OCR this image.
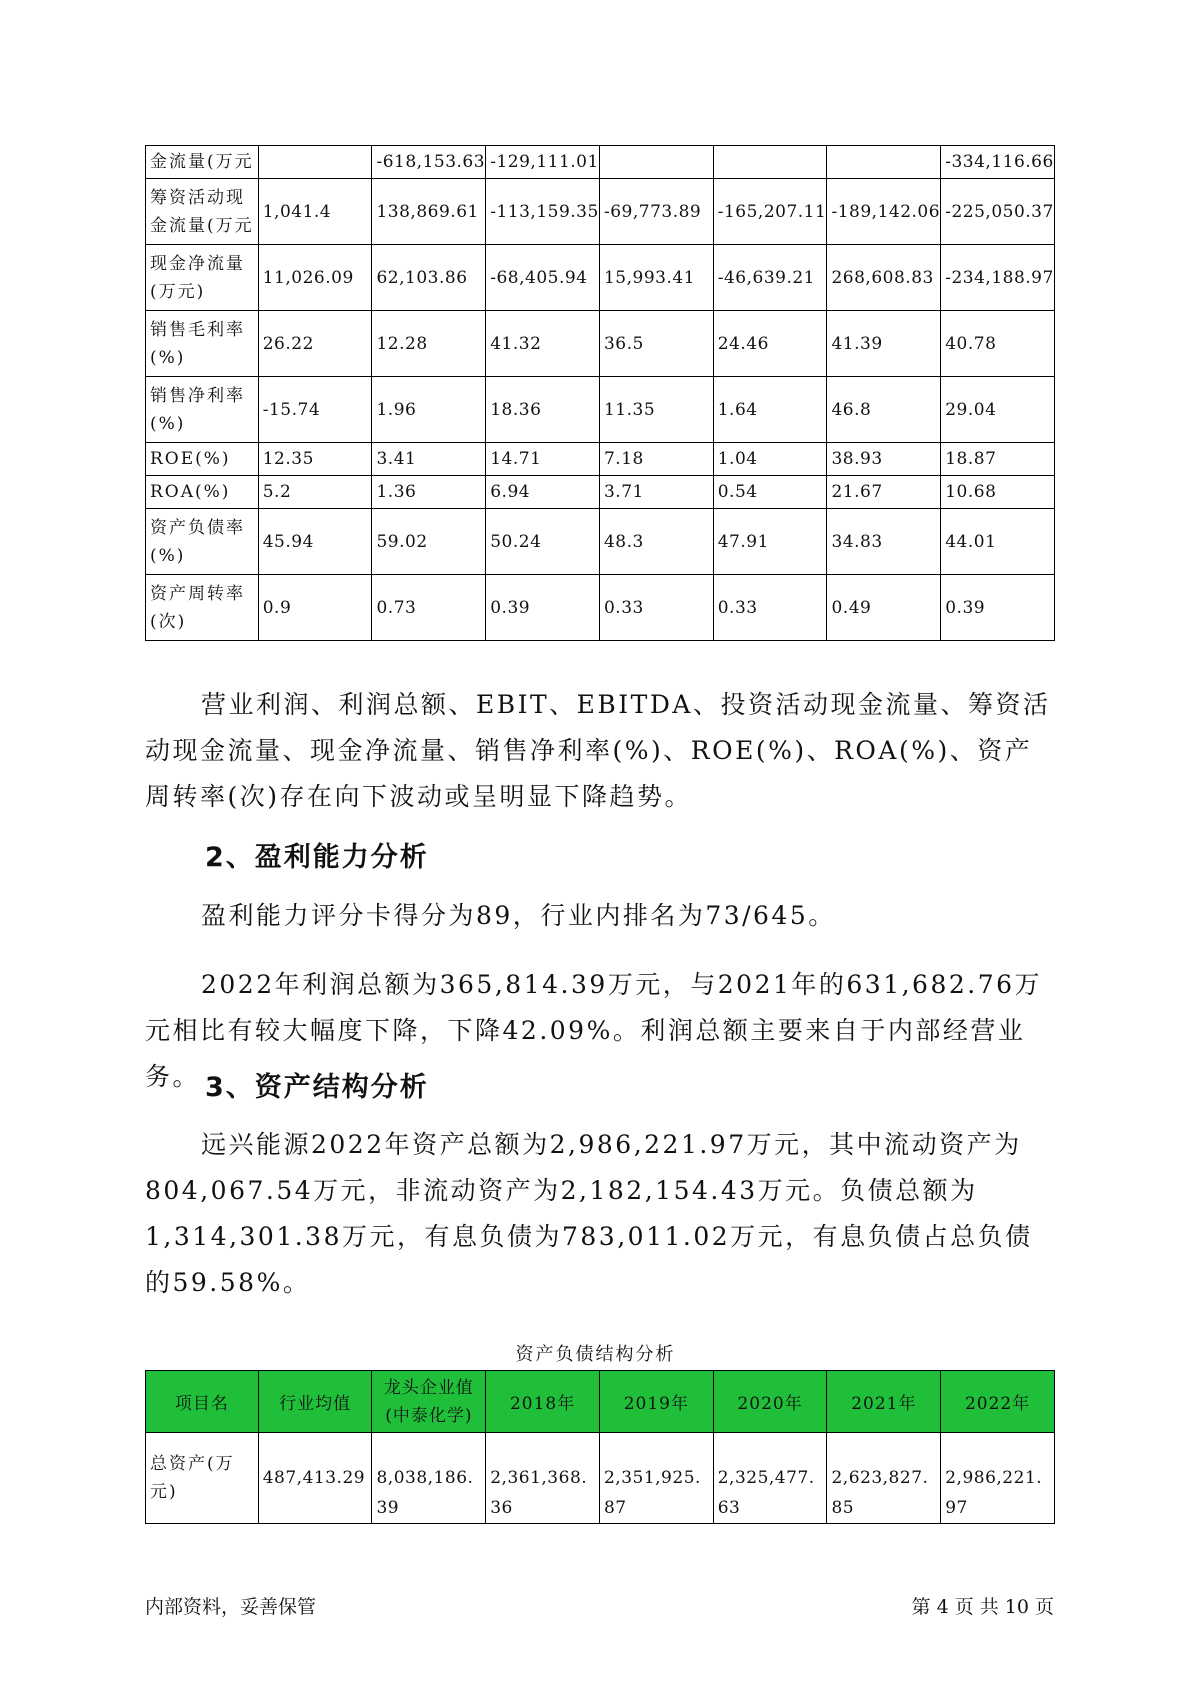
金流量(万元		-618,153.63	-129,111.01				-334,116.66
筹资活动现金流量(万元	1,041.4	138,869.61	-113,159.35	-69,773.89	-165,207.11	-189,142.06	-225,050.37
现金净流量(万元)	11,026.09	62,103.86	-68,405.94	15,993.41	-46,639.21	268,608.83	-234,188.97
销售毛利率(%)	26.22	12.28	41.32	36.5	24.46	41.39	40.78
销售净利率(%)	-15.74	1.96	18.36	11.35	1.64	46.8	29.04
ROE(%)	12.35	3.41	14.71	7.18	1.04	38.93	18.87
ROA(%)	5.2	1.36	6.94	3.71	0.54	21.67	10.68
资产负债率(%)	45.94	59.02	50.24	48.3	47.91	34.83	44.01
资产周转率(次)	0.9	0.73	0.39	0.33	0.33	0.49	0.39
营业利润、利润总额、EBIT、EBITDA、投资活动现金流量、筹资活动现金流量、现金净流量、销售净利率(%)、ROE(%)、ROA(%)、资产周转率(次)存在向下波动或呈明显下降趋势。
2、盈利能力分析
盈利能力评分卡得分为89，行业内排名为73/645。
2022年利润总额为365,814.39万元，与2021年的631,682.76万元相比有较大幅度下降，下降42.09%。利润总额主要来自于内部经营业务。 3、资产结构分析
远兴能源2022年资产总额为2,986,221.97万元，其中流动资产为804,067.54万元，非流动资产为2,182,154.43万元。负债总额为1,314,301.38万元，有息负债为783,011.02万元，有息负债占总负债的59.58%。
资产负债结构分析
项目名	行业均值	龙头企业值(中泰化学)	2018年	2019年	2020年	2021年	2022年
总资产(万元)	487,413.29	8,038,186.39	2,361,368.36	2,351,925.87	2,325,477.63	2,623,827.85	2,986,221.97
内部资料，妥善保管	第 4 页 共 10 页
